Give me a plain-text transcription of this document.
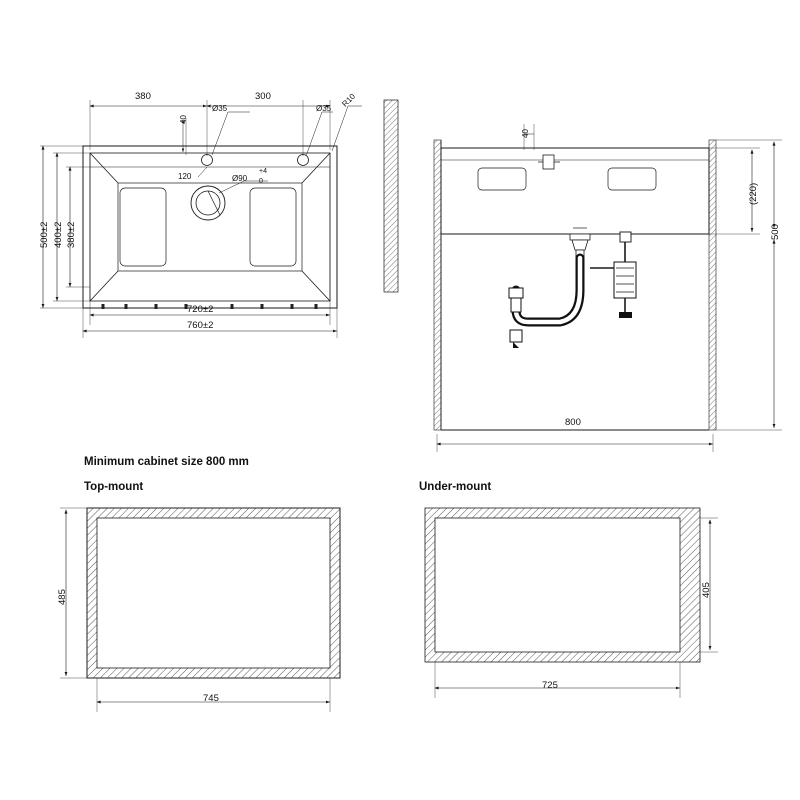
380	300
40
Ø35	Ø35 R10
120	Ø90
+4
0
500±2 400±2 380±2
720±2
760±2
40
(220)
500
800
Minimum cabinet size 800 mm
Top-mount	Under-mount
485
745
405
725
